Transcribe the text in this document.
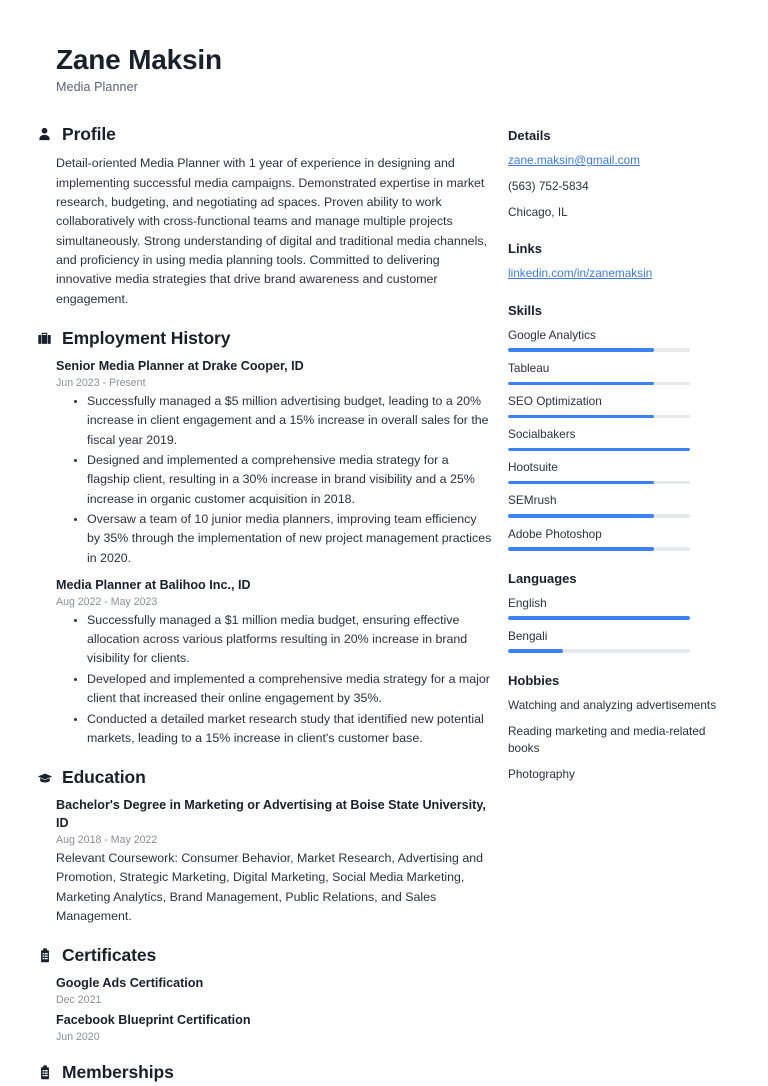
Zane Maksin
Media Planner
Profile
Detail-oriented Media Planner with 1 year of experience in designing and implementing successful media campaigns. Demonstrated expertise in market research, budgeting, and negotiating ad spaces. Proven ability to work collaboratively with cross-functional teams and manage multiple projects simultaneously. Strong understanding of digital and traditional media channels, and proficiency in using media planning tools. Committed to delivering innovative media strategies that drive brand awareness and customer engagement.
Employment History
Senior Media Planner at Drake Cooper, ID
Jun 2023 - Present
Successfully managed a $5 million advertising budget, leading to a 20% increase in client engagement and a 15% increase in overall sales for the fiscal year 2019.
Designed and implemented a comprehensive media strategy for a flagship client, resulting in a 30% increase in brand visibility and a 25% increase in organic customer acquisition in 2018.
Oversaw a team of 10 junior media planners, improving team efficiency by 35% through the implementation of new project management practices in 2020.
Media Planner at Balihoo Inc., ID
Aug 2022 - May 2023
Successfully managed a $1 million media budget, ensuring effective allocation across various platforms resulting in 20% increase in brand visibility for clients.
Developed and implemented a comprehensive media strategy for a major client that increased their online engagement by 35%.
Conducted a detailed market research study that identified new potential markets, leading to a 15% increase in client's customer base.
Education
Bachelor's Degree in Marketing or Advertising at Boise State University, ID
Aug 2018 - May 2022
Relevant Coursework: Consumer Behavior, Market Research, Advertising and Promotion, Strategic Marketing, Digital Marketing, Social Media Marketing, Marketing Analytics, Brand Management, Public Relations, and Sales Management.
Certificates
Google Ads Certification
Dec 2021
Facebook Blueprint Certification
Jun 2020
Memberships
Details
zane.maksin@gmail.com
(563) 752-5834
Chicago, IL
Links
linkedin.com/in/zanemaksin
Skills
Google Analytics
Tableau
SEO Optimization
Socialbakers
Hootsuite
SEMrush
Adobe Photoshop
Languages
English
Bengali
Hobbies
Watching and analyzing advertisements
Reading marketing and media-related books
Photography
